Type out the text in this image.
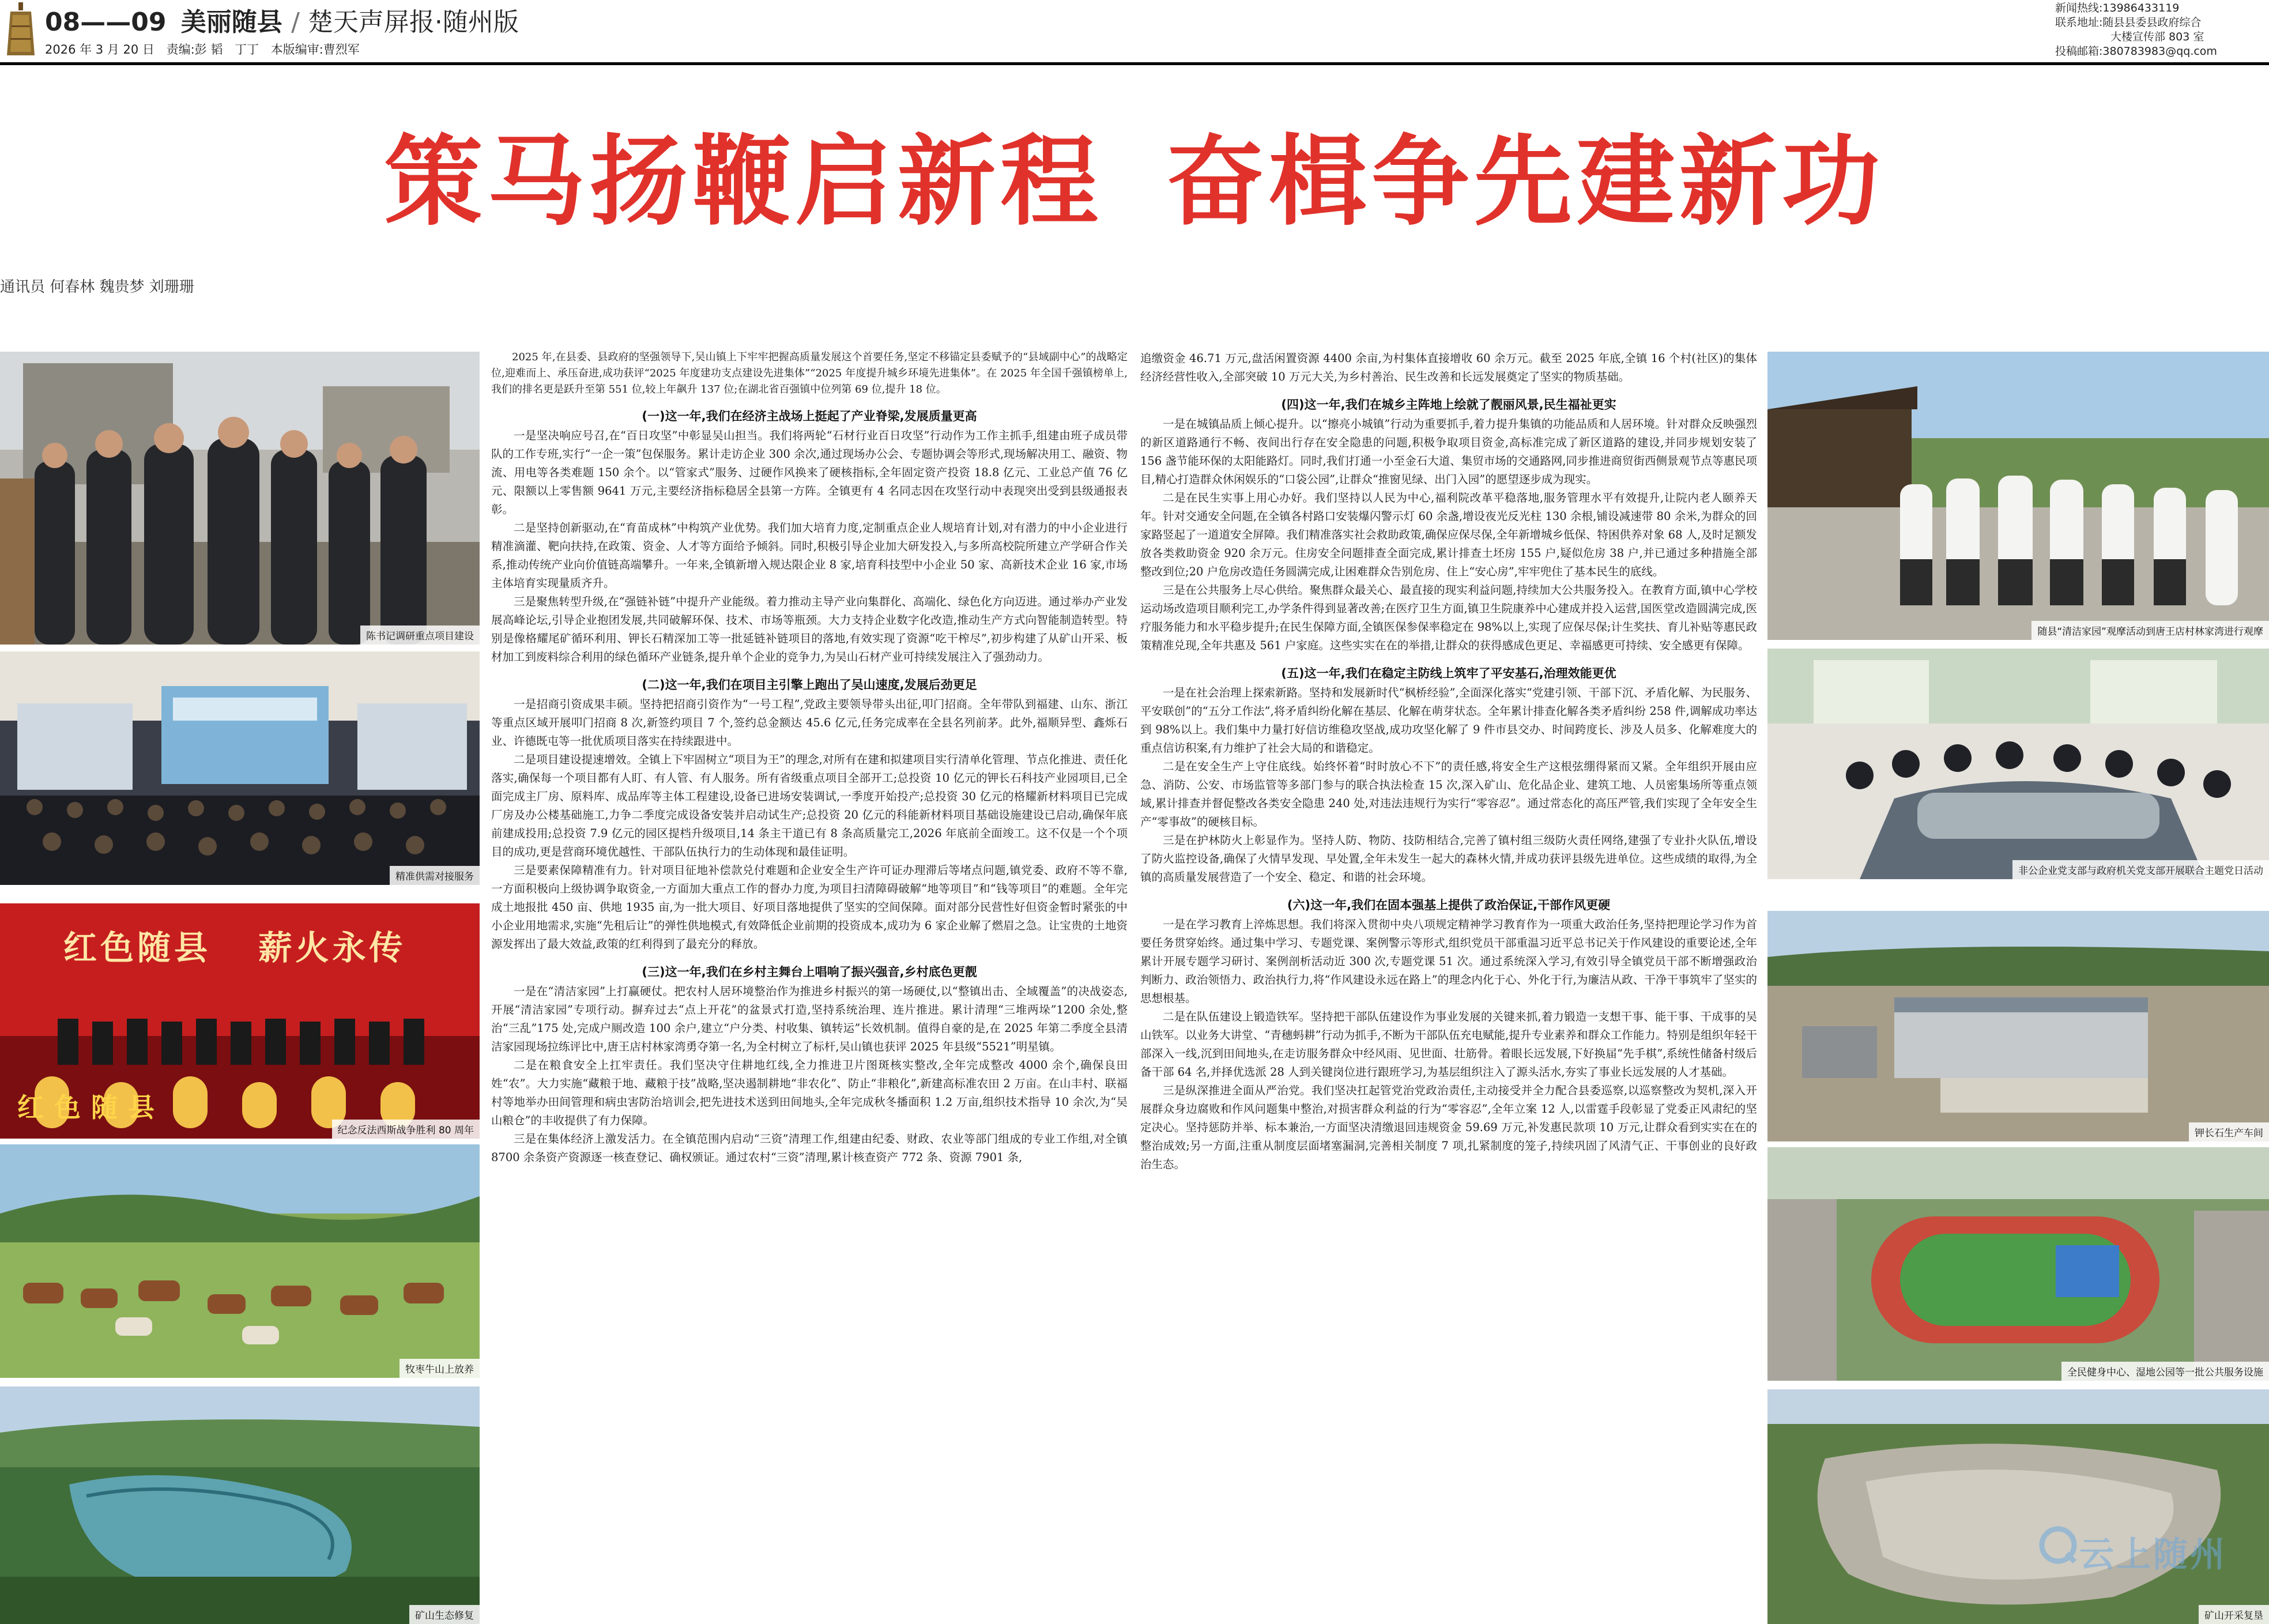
08——09 美丽随县 / 楚天声屏报·随州版
2026 年 3 月 20 日 责编:彭 韬 丁丁 本版编审:曹烈军
新闻热线:13986433119
联系地址:随县县委县政府综合
大楼宣传部 803 室
投稿邮箱:380783983@qq.com
策马扬鞭启新程 奋楫争先建新功
通讯员 何春林 魏贵梦 刘珊珊
陈书记调研重点项目建设
精准供需对接服务
红色随县 薪火永传
红色随县
纪念反法西斯战争胜利 80 周年
牧枣牛山上放养
矿山生态修复
随县“清洁家园”观摩活动到唐王店村林家湾进行观摩
非公企业党支部与政府机关党支部开展联合主题党日活动
钾长石生产车间
全民健身中心、湿地公园等一批公共服务设施
矿山开采复垦

2025 年,在县委、县政府的坚强领导下,吴山镇上下牢牢把握高质量发展这个首要任务,坚定不移锚定县委赋予的“县域副中心”的战略定位,迎难而上、承压奋进,成功获评“2025 年度建功支点建设先进集体”“2025 年度提升城乡环境先进集体”。在 2025 年全国千强镇榜单上,我们的排名更是跃升至第 551 位,较上年飙升 137 位;在湖北省百强镇中位列第 69 位,提升 18 位。

(一)这一年,我们在经济主战场上挺起了产业脊梁,发展质量更高

一是坚决响应号召,在“百日攻坚”中彰显吴山担当。我们将两轮“石材行业百日攻坚”行动作为工作主抓手,组建由班子成员带队的工作专班,实行“一企一策”包保服务。累计走访企业 300 余次,通过现场办公会、专题协调会等形式,现场解决用工、融资、物流、用电等各类难题 150 余个。以“管家式”服务、过硬作风换来了硬核指标,全年固定资产投资 18.8 亿元、工业总产值 76 亿元、限额以上零售额 9641 万元,主要经济指标稳居全县第一方阵。全镇更有 4 名同志因在攻坚行动中表现突出受到县级通报表彰。

二是坚持创新驱动,在“育苗成林”中构筑产业优势。我们加大培育力度,定制重点企业人规培育计划,对有潜力的中小企业进行精准滴灌、靶向扶持,在政策、资金、人才等方面给予倾斜。同时,积极引导企业加大研发投入,与多所高校院所建立产学研合作关系,推动传统产业向价值链高端攀升。一年来,全镇新增入规达限企业 8 家,培育科技型中小企业 50 家、高新技术企业 16 家,市场主体培育实现量质齐升。

三是聚焦转型升级,在“强链补链”中提升产业能级。着力推动主导产业向集群化、高端化、绿色化方向迈进。通过举办产业发展高峰论坛,引导企业抱团发展,共同破解环保、技术、市场等瓶颈。大力支持企业数字化改造,推动生产方式向智能制造转型。特别是像格耀尾矿循环利用、钾长石精深加工等一批延链补链项目的落地,有效实现了资源“吃干榨尽”,初步构建了从矿山开采、板材加工到废料综合利用的绿色循环产业链条,提升单个企业的竞争力,为吴山石材产业可持续发展注入了强劲动力。

(二)这一年,我们在项目主引擎上跑出了吴山速度,发展后劲更足

一是招商引资成果丰硕。坚持把招商引资作为“一号工程”,党政主要领导带头出征,叩门招商。全年带队到福建、山东、浙江等重点区域开展叩门招商 8 次,新签约项目 7 个,签约总金额达 45.6 亿元,任务完成率在全县名列前茅。此外,福顺异型、鑫烁石业、许德既屯等一批优质项目落实在持续跟进中。

二是项目建设提速增效。全镇上下牢固树立“项目为王”的理念,对所有在建和拟建项目实行清单化管理、节点化推进、责任化落实,确保每一个项目都有人盯、有人管、有人服务。所有省级重点项目全部开工;总投资 10 亿元的钾长石科技产业园项目,已全面完成主厂房、原料库、成品库等主体工程建设,设备已进场安装调试,一季度开始投产;总投资 30 亿元的格耀新材料项目已完成厂房及办公楼基础施工,力争二季度完成设备安装并启动试生产;总投资 20 亿元的科能新材料项目基础设施建设已启动,确保年底前建成投用;总投资 7.9 亿元的园区提档升级项目,14 条主干道已有 8 条高质量完工,2026 年底前全面竣工。这不仅是一个个项目的成功,更是营商环境优越性、干部队伍执行力的生动体现和最佳证明。

三是要素保障精准有力。针对项目征地补偿款兑付难题和企业安全生产许可证办理滞后等堵点问题,镇党委、政府不等不靠,一方面积极向上级协调争取资金,一方面加大重点工作的督办力度,为项目扫清障碍破解“地等项目”和“钱等项目”的难题。全年完成土地报批 450 亩、供地 1935 亩,为一批大项目、好项目落地提供了坚实的空间保障。面对部分民营性好但资金暂时紧张的中小企业用地需求,实施“先租后让”的弹性供地模式,有效降低企业前期的投资成本,成功为 6 家企业解了燃眉之急。让宝贵的土地资源发挥出了最大效益,政策的红利得到了最充分的释放。

(三)这一年,我们在乡村主舞台上唱响了振兴强音,乡村底色更靓

一是在“清洁家园”上打赢硬仗。把农村人居环境整治作为推进乡村振兴的第一场硬仗,以“整镇出击、全域覆盖”的决战姿态,开展“清洁家园”专项行动。摒弃过去“点上开花”的盆景式打造,坚持系统治理、连片推进。累计清理“三堆两垛”1200 余处,整治“三乱”175 处,完成户厕改造 100 余户,建立“户分类、村收集、镇转运”长效机制。值得自豪的是,在 2025 年第二季度全县清洁家园现场拉练评比中,唐王店村林家湾勇夺第一名,为全村树立了标杆,吴山镇也获评 2025 年县级“5521”明星镇。

二是在粮食安全上扛牢责任。我们坚决守住耕地红线,全力推进卫片图斑核实整改,全年完成整改 4000 余个,确保良田姓“农”。大力实施“藏粮于地、藏粮于技”战略,坚决遏制耕地“非农化”、防止“非粮化”,新建高标准农田 2 万亩。在山丰村、联福村等地举办田间管理和病虫害防治培训会,把先进技术送到田间地头,全年完成秋冬播面积 1.2 万亩,组织技术指导 10 余次,为“吴山粮仓”的丰收提供了有力保障。

三是在集体经济上激发活力。在全镇范围内启动“三资”清理工作,组建由纪委、财政、农业等部门组成的专业工作组,对全镇 8700 余条资产资源逐一核查登记、确权颁证。通过农村“三资”清理,累计核查资产 772 条、资源 7901 条,

追缴资金 46.71 万元,盘活闲置资源 4400 余亩,为村集体直接增收 60 余万元。截至 2025 年底,全镇 16 个村(社区)的集体经济经营性收入,全部突破 10 万元大关,为乡村善治、民生改善和长远发展奠定了坚实的物质基础。

(四)这一年,我们在城乡主阵地上绘就了靓丽风景,民生福祉更实

一是在城镇品质上倾心提升。以“擦亮小城镇”行动为重要抓手,着力提升集镇的功能品质和人居环境。针对群众反映强烈的新区道路通行不畅、夜间出行存在安全隐患的问题,积极争取项目资金,高标准完成了新区道路的建设,并同步规划安装了 156 盏节能环保的太阳能路灯。同时,我们打通一小至金石大道、集贸市场的交通路网,同步推进商贸街西侧景观节点等惠民项目,精心打造群众休闲娱乐的“口袋公园”,让群众“推窗见绿、出门入园”的愿望逐步成为现实。

二是在民生实事上用心办好。我们坚持以人民为中心,福利院改革平稳落地,服务管理水平有效提升,让院内老人颐养天年。针对交通安全问题,在全镇各村路口安装爆闪警示灯 60 余盏,增设夜光反光柱 130 余根,铺设减速带 80 余米,为群众的回家路竖起了一道道安全屏障。我们精准落实社会救助政策,确保应保尽保,全年新增城乡低保、特困供养对象 68 人,及时足额发放各类救助资金 920 余万元。住房安全问题排查全面完成,累计排查土坯房 155 户,疑似危房 38 户,并已通过多种措施全部整改到位;20 户危房改造任务圆满完成,让困难群众告别危房、住上“安心房”,牢牢兜住了基本民生的底线。

三是在公共服务上尽心供给。聚焦群众最关心、最直接的现实利益问题,持续加大公共服务投入。在教育方面,镇中心学校运动场改造项目顺利完工,办学条件得到显著改善;在医疗卫生方面,镇卫生院康养中心建成并投入运营,国医堂改造圆满完成,医疗服务能力和水平稳步提升;在民生保障方面,全镇医保参保率稳定在 98%以上,实现了应保尽保;计生奖扶、育儿补贴等惠民政策精准兑现,全年共惠及 561 户家庭。这些实实在在的举措,让群众的获得感成色更足、幸福感更可持续、安全感更有保障。

(五)这一年,我们在稳定主防线上筑牢了平安基石,治理效能更优

一是在社会治理上探索新路。坚持和发展新时代“枫桥经验”,全面深化落实“党建引领、干部下沉、矛盾化解、为民服务、平安联创”的“五分工作法”,将矛盾纠纷化解在基层、化解在萌芽状态。全年累计排查化解各类矛盾纠纷 258 件,调解成功率达到 98%以上。我们集中力量打好信访维稳攻坚战,成功攻坚化解了 9 件市县交办、时间跨度长、涉及人员多、化解难度大的重点信访积案,有力维护了社会大局的和谐稳定。

二是在安全生产上守住底线。始终怀着“时时放心不下”的责任感,将安全生产这根弦绷得紧而又紧。全年组织开展由应急、消防、公安、市场监管等多部门参与的联合执法检查 15 次,深入矿山、危化品企业、建筑工地、人员密集场所等重点领域,累计排查并督促整改各类安全隐患 240 处,对违法违规行为实行“零容忍”。通过常态化的高压严管,我们实现了全年安全生产“零事故”的硬核目标。

三是在护林防火上彰显作为。坚持人防、物防、技防相结合,完善了镇村组三级防火责任网络,建强了专业扑火队伍,增设了防火监控设备,确保了火情早发现、早处置,全年未发生一起大的森林火情,并成功获评县级先进单位。这些成绩的取得,为全镇的高质量发展营造了一个安全、稳定、和谐的社会环境。

(六)这一年,我们在固本强基上提供了政治保证,干部作风更硬

一是在学习教育上淬炼思想。我们将深入贯彻中央八项规定精神学习教育作为一项重大政治任务,坚持把理论学习作为首要任务贯穿始终。通过集中学习、专题党课、案例警示等形式,组织党员干部重温习近平总书记关于作风建设的重要论述,全年累计开展专题学习研讨、案例剖析活动近 300 次,专题党课 51 次。通过系统深入学习,有效引导全镇党员干部不断增强政治判断力、政治领悟力、政治执行力,将“作风建设永远在路上”的理念内化于心、外化于行,为廉洁从政、干净干事筑牢了坚实的思想根基。

二是在队伍建设上锻造铁军。坚持把干部队伍建设作为事业发展的关键来抓,着力锻造一支想干事、能干事、干成事的吴山铁军。以业务大讲堂、“青穗蚂耕”行动为抓手,不断为干部队伍充电赋能,提升专业素养和群众工作能力。特别是组织年轻干部深入一线,沉到田间地头,在走访服务群众中经风雨、见世面、壮筋骨。着眼长远发展,下好换届“先手棋”,系统性储备村级后备干部 64 名,并择优选派 28 人到关键岗位进行跟班学习,为基层组织注入了源头活水,夯实了事业长远发展的人才基础。

三是纵深推进全面从严治党。我们坚决扛起管党治党政治责任,主动接受并全力配合县委巡察,以巡察整改为契机,深入开展群众身边腐败和作风问题集中整治,对损害群众利益的行为“零容忍”,全年立案 12 人,以雷霆手段彰显了党委正风肃纪的坚定决心。坚持惩防并举、标本兼治,一方面坚决清缴退回违规资金 59.69 万元,补发惠民款项 10 万元,让群众看到实实在在的整治成效;另一方面,注重从制度层面堵塞漏洞,完善相关制度 7 项,扎紧制度的笼子,持续巩固了风清气正、干事创业的良好政治生态。

云上随州
